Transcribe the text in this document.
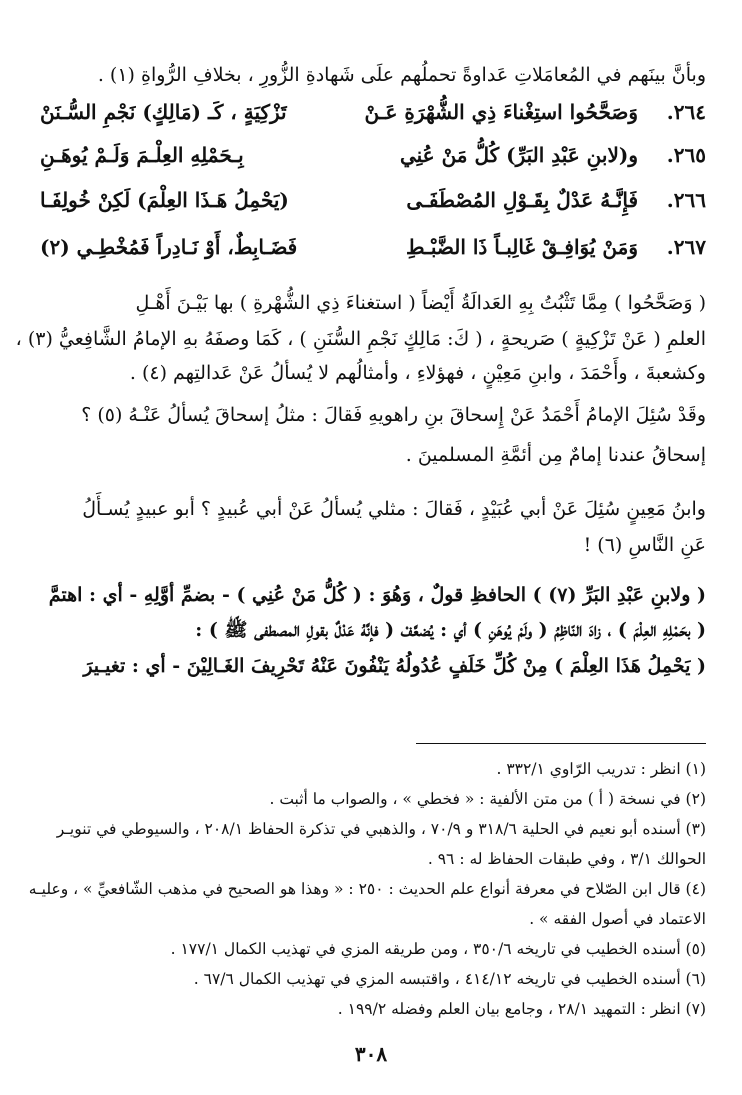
وبأنَّ بينَهم في المُعامَلاتِ عَداوةً تحملُهم علَى شَهادةِ الزُّورِ ، بخلافِ الرُّواةِ (١) .
٢٦٤.
وَصَحَّحُوا استِغْناءَ ذِي الشُّهْرَةِ عَـنْ
تَزْكِيَةٍ ، كَـ (مَالِكٍ) نَجْمِ السُّـنَنْ
٢٦٥.
و(لابنِ عَبْدِ البَرِّ) كُلُّ مَنْ عُنِي
بِـحَمْلِهِ العِلْـمَ وَلَـمْ يُوهَـنِ
٢٦٦.
فَإِنَّـهُ عَدْلٌ بِقَـوْلِ المُصْطَفَـى
(يَحْمِلُ هَـذَا العِلْمَ) لَكِنْ خُولِفَـا
٢٦٧.
وَمَنْ يُوَافِـقْ غَالِبـاً ذَا الضَّبْـطِ
فَضَـابِطٌ، أَوْ نَـادِراً فَمُخْطِـي (٢)
( وَصَحَّحُوا ) مِمَّا تَثْبُتُ بِهِ العَدالَةُ أَيْضاً ( استغناءَ ذِي الشُّهْرةِ ) بها بَيْـنَ أَهْـلِ
العلمِ ( عَنْ تَزْكِيةٍ ) صَريحةٍ ، ( كَ: مَالِكٍ نَجْمِ السُّنَنِ ) ، كَمَا وصفَهُ بهِ الإمامُ الشَّافِعيُّ (٣) ،
وكشعبةَ ، وأَحْمَدَ ، وابنِ مَعِيْنٍ ، فهؤلاءِ ، وأمثالُهم لا يُسألُ عَنْ عَدالتِهم (٤) .
وقَدْ سُئِلَ الإمامُ أَحْمَدُ عَنْ إِسحاقَ بنِ راهويهِ فَقالَ : مثلُ إسحاقَ يُسألُ عَنْـهُ (٥) ؟
إسحاقُ عندنا إمامٌ مِن أئمَّةِ المسلمينَ .
وابنُ مَعِينٍ سُئِلَ عَنْ أبي عُبَيْدٍ ، فَقالَ : مثلي يُسألُ عَنْ أبي عُبيدٍ ؟ أبو عبيدٍ يُسـأَلُ
عَنِ النَّاسِ (٦) !
( ولابنِ عَبْدِ البَرِّ (٧) ) الحافظِ قولٌ ، وَهُوَ : ( كُلُّ مَنْ عُنِي ) - بضمِّ أوَّلِهِ - أي : اهتمَّ
( بحَمْلِهِ العِلْمَ ) ، زادَ النّاظِمُ ( ولَمْ يُوهَنِ ) أي : يُضعَّفْ ( فإنَّهُ عَدْلٌ بقولِ المصطفى ﷺ ) :
( يَحْمِلُ هَذَا العِلْمَ ) مِنْ كُلِّ خَلَفٍ عُدُولُهُ يَنْفُونَ عَنْهُ تَحْرِيفَ الغَـالِيْنَ - أي : تغيـيرَ
(١) انظر : تدريب الرّاوي ٣٣٢/١ .
(٢) في نسخة ( أ ) من متن الألفية : « فخطي » ، والصواب ما أثبت .
(٣) أسنده أبو نعيم في الحلية ٣١٨/٦ و ٧٠/٩ ، والذهبي في تذكرة الحفاظ ٢٠٨/١ ، والسيوطي في تنويـر
الحوالك ٣/١ ، وفي طبقات الحفاظ له : ٩٦ .
(٤) قال ابن الصّلاح في معرفة أنواع علم الحديث : ٢٥٠ : « وهذا هو الصحيح في مذهب الشّافعيِّ » ، وعليـه
الاعتماد في أصول الفقه » .
(٥) أسنده الخطيب في تاريخه ٣٥٠/٦ ، ومن طريقه المزي في تهذيب الكمال ١٧٧/١ .
(٦) أسنده الخطيب في تاريخه ٤١٤/١٢ ، واقتبسه المزي في تهذيب الكمال ٦٧/٦ .
(٧) انظر : التمهيد ٢٨/١ ، وجامع بيان العلم وفضله ١٩٩/٢ .
٣٠٨
